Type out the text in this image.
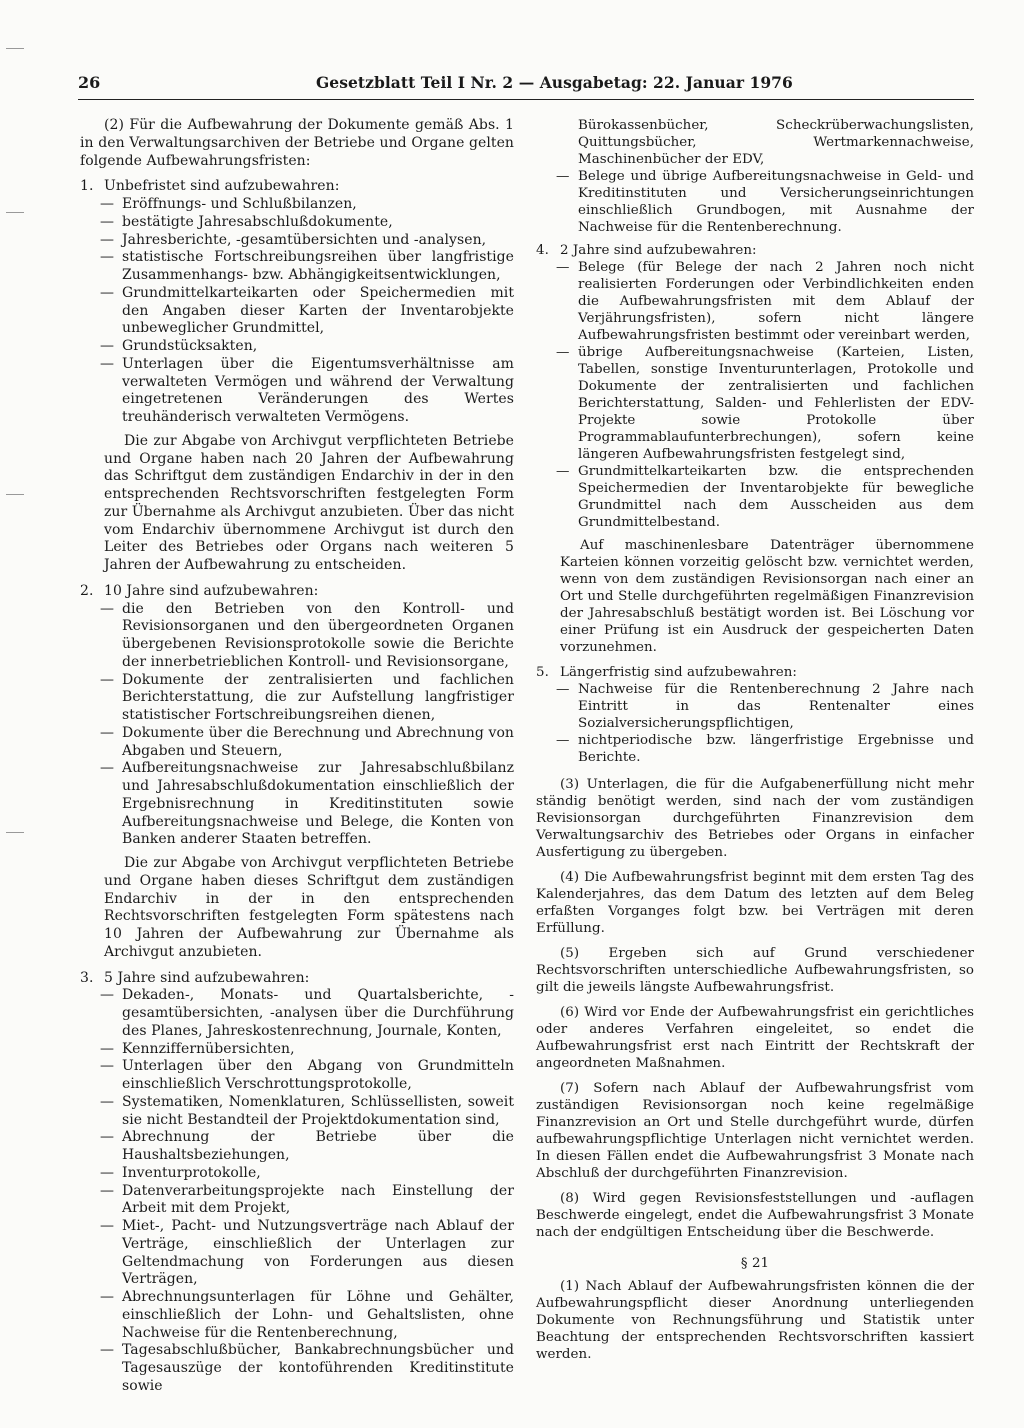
26	Gesetzblatt Teil I Nr. 2 — Ausgabetag: 22. Januar 1976

(2) Für die Aufbewahrung der Dokumente gemäß Abs. 1 in den Verwaltungsarchiven der Betriebe und Organe gelten folgende Aufbewahrungsfristen:

1. Unbefristet sind aufzubewahren:

— Eröffnungs- und Schlußbilanzen,
— bestätigte Jahresabschlußdokumente,
— Jahresberichte, -gesamtübersichten und -analysen,
— statistische Fortschreibungsreihen über langfristige Zusammenhangs- bzw. Abhängigkeitsentwicklungen,
— Grundmittelkarteikarten oder Speichermedien mit den Angaben dieser Karten der Inventarobjekte unbeweglicher Grundmittel,
— Grundstücksakten,
— Unterlagen über die Eigentumsverhältnisse am verwalteten Vermögen und während der Verwaltung eingetretenen Veränderungen des Wertes treuhänderisch verwalteten Vermögens.

Die zur Abgabe von Archivgut verpflichteten Betriebe und Organe haben nach 20 Jahren der Aufbewahrung das Schriftgut dem zuständigen Endarchiv in der in den entsprechenden Rechtsvorschriften festgelegten Form zur Übernahme als Archivgut anzubieten. Über das nicht vom Endarchiv übernommene Archivgut ist durch den Leiter des Betriebes oder Organs nach weiteren 5 Jahren der Aufbewahrung zu entscheiden.

2. 10 Jahre sind aufzubewahren:

— die den Betrieben von den Kontroll- und Revisionsorganen und den übergeordneten Organen übergebenen Revisionsprotokolle sowie die Berichte der innerbetrieblichen Kontroll- und Revisionsorgane,
— Dokumente der zentralisierten und fachlichen Berichterstattung, die zur Aufstellung langfristiger statistischer Fortschreibungsreihen dienen,
— Dokumente über die Berechnung und Abrechnung von Abgaben und Steuern,
— Aufbereitungsnachweise zur Jahresabschlußbilanz und Jahresabschlußdokumentation einschließlich der Ergebnisrechnung in Kreditinstituten sowie Aufbereitungsnachweise und Belege, die Konten von Banken anderer Staaten betreffen.

Die zur Abgabe von Archivgut verpflichteten Betriebe und Organe haben dieses Schriftgut dem zuständigen Endarchiv in der in den entsprechenden Rechtsvorschriften festgelegten Form spätestens nach 10 Jahren der Aufbewahrung zur Übernahme als Archivgut anzubieten.

3. 5 Jahre sind aufzubewahren:

— Dekaden-, Monats- und Quartalsberichte, -gesamtübersichten, -analysen über die Durchführung des Planes, Jahreskostenrechnung, Journale, Konten,
— Kennziffernübersichten,
— Unterlagen über den Abgang von Grundmitteln einschließlich Verschrottungsprotokolle,
— Systematiken, Nomenklaturen, Schlüssellisten, soweit sie nicht Bestandteil der Projektdokumentation sind,
— Abrechnung der Betriebe über die Haushaltsbeziehungen,
— Inventurprotokolle,
— Datenverarbeitungsprojekte nach Einstellung der Arbeit mit dem Projekt,
— Miet-, Pacht- und Nutzungsverträge nach Ablauf der Verträge, einschließlich der Unterlagen zur Geltendmachung von Forderungen aus diesen Verträgen,
— Abrechnungsunterlagen für Löhne und Gehälter, einschließlich der Lohn- und Gehaltslisten, ohne Nachweise für die Rentenberechnung,
— Tagesabschlußbücher, Bankabrechnungsbücher und Tagesauszüge der kontoführenden Kreditinstitute sowie

Bürokassenbücher, Scheckrüberwachungslisten, Quittungsbücher, Wertmarkennachweise, Maschinenbücher der EDV,

— Belege und übrige Aufbereitungsnachweise in Geld- und Kreditinstituten und Versicherungseinrichtungen einschließlich Grundbogen, mit Ausnahme der Nachweise für die Rentenberechnung.

4. 2 Jahre sind aufzubewahren:

— Belege (für Belege der nach 2 Jahren noch nicht realisierten Forderungen oder Verbindlichkeiten enden die Aufbewahrungsfristen mit dem Ablauf der Verjährungsfristen), sofern nicht längere Aufbewahrungsfristen bestimmt oder vereinbart werden,
— übrige Aufbereitungsnachweise (Karteien, Listen, Tabellen, sonstige Inventurunterlagen, Protokolle und Dokumente der zentralisierten und fachlichen Berichterstattung, Salden- und Fehlerlisten der EDV-Projekte sowie Protokolle über Programmablaufunterbrechungen), sofern keine längeren Aufbewahrungsfristen festgelegt sind,
— Grundmittelkarteikarten bzw. die entsprechenden Speichermedien der Inventarobjekte für bewegliche Grundmittel nach dem Ausscheiden aus dem Grundmittelbestand.

Auf maschinenlesbare Datenträger übernommene Karteien können vorzeitig gelöscht bzw. vernichtet werden, wenn von dem zuständigen Revisionsorgan nach einer an Ort und Stelle durchgeführten regelmäßigen Finanzrevision der Jahresabschluß bestätigt worden ist. Bei Löschung vor einer Prüfung ist ein Ausdruck der gespeicherten Daten vorzunehmen.

5. Längerfristig sind aufzubewahren:

— Nachweise für die Rentenberechnung 2 Jahre nach Eintritt in das Rentenalter eines Sozialversicherungspflichtigen,
— nichtperiodische bzw. längerfristige Ergebnisse und Berichte.

(3) Unterlagen, die für die Aufgabenerfüllung nicht mehr ständig benötigt werden, sind nach der vom zuständigen Revisionsorgan durchgeführten Finanzrevision dem Verwaltungsarchiv des Betriebes oder Organs in einfacher Ausfertigung zu übergeben.

(4) Die Aufbewahrungsfrist beginnt mit dem ersten Tag des Kalenderjahres, das dem Datum des letzten auf dem Beleg erfaßten Vorganges folgt bzw. bei Verträgen mit deren Erfüllung.

(5) Ergeben sich auf Grund verschiedener Rechtsvorschriften unterschiedliche Aufbewahrungsfristen, so gilt die jeweils längste Aufbewahrungsfrist.

(6) Wird vor Ende der Aufbewahrungsfrist ein gerichtliches oder anderes Verfahren eingeleitet, so endet die Aufbewahrungsfrist erst nach Eintritt der Rechtskraft der angeordneten Maßnahmen.

(7) Sofern nach Ablauf der Aufbewahrungsfrist vom zuständigen Revisionsorgan noch keine regelmäßige Finanzrevision an Ort und Stelle durchgeführt wurde, dürfen aufbewahrungspflichtige Unterlagen nicht vernichtet werden. In diesen Fällen endet die Aufbewahrungsfrist 3 Monate nach Abschluß der durchgeführten Finanzrevision.

(8) Wird gegen Revisionsfeststellungen und -auflagen Beschwerde eingelegt, endet die Aufbewahrungsfrist 3 Monate nach der endgültigen Entscheidung über die Beschwerde.

§ 21

(1) Nach Ablauf der Aufbewahrungsfristen können die der Aufbewahrungspflicht dieser Anordnung unterliegenden Dokumente von Rechnungsführung und Statistik unter Beachtung der entsprechenden Rechtsvorschriften kassiert werden.
